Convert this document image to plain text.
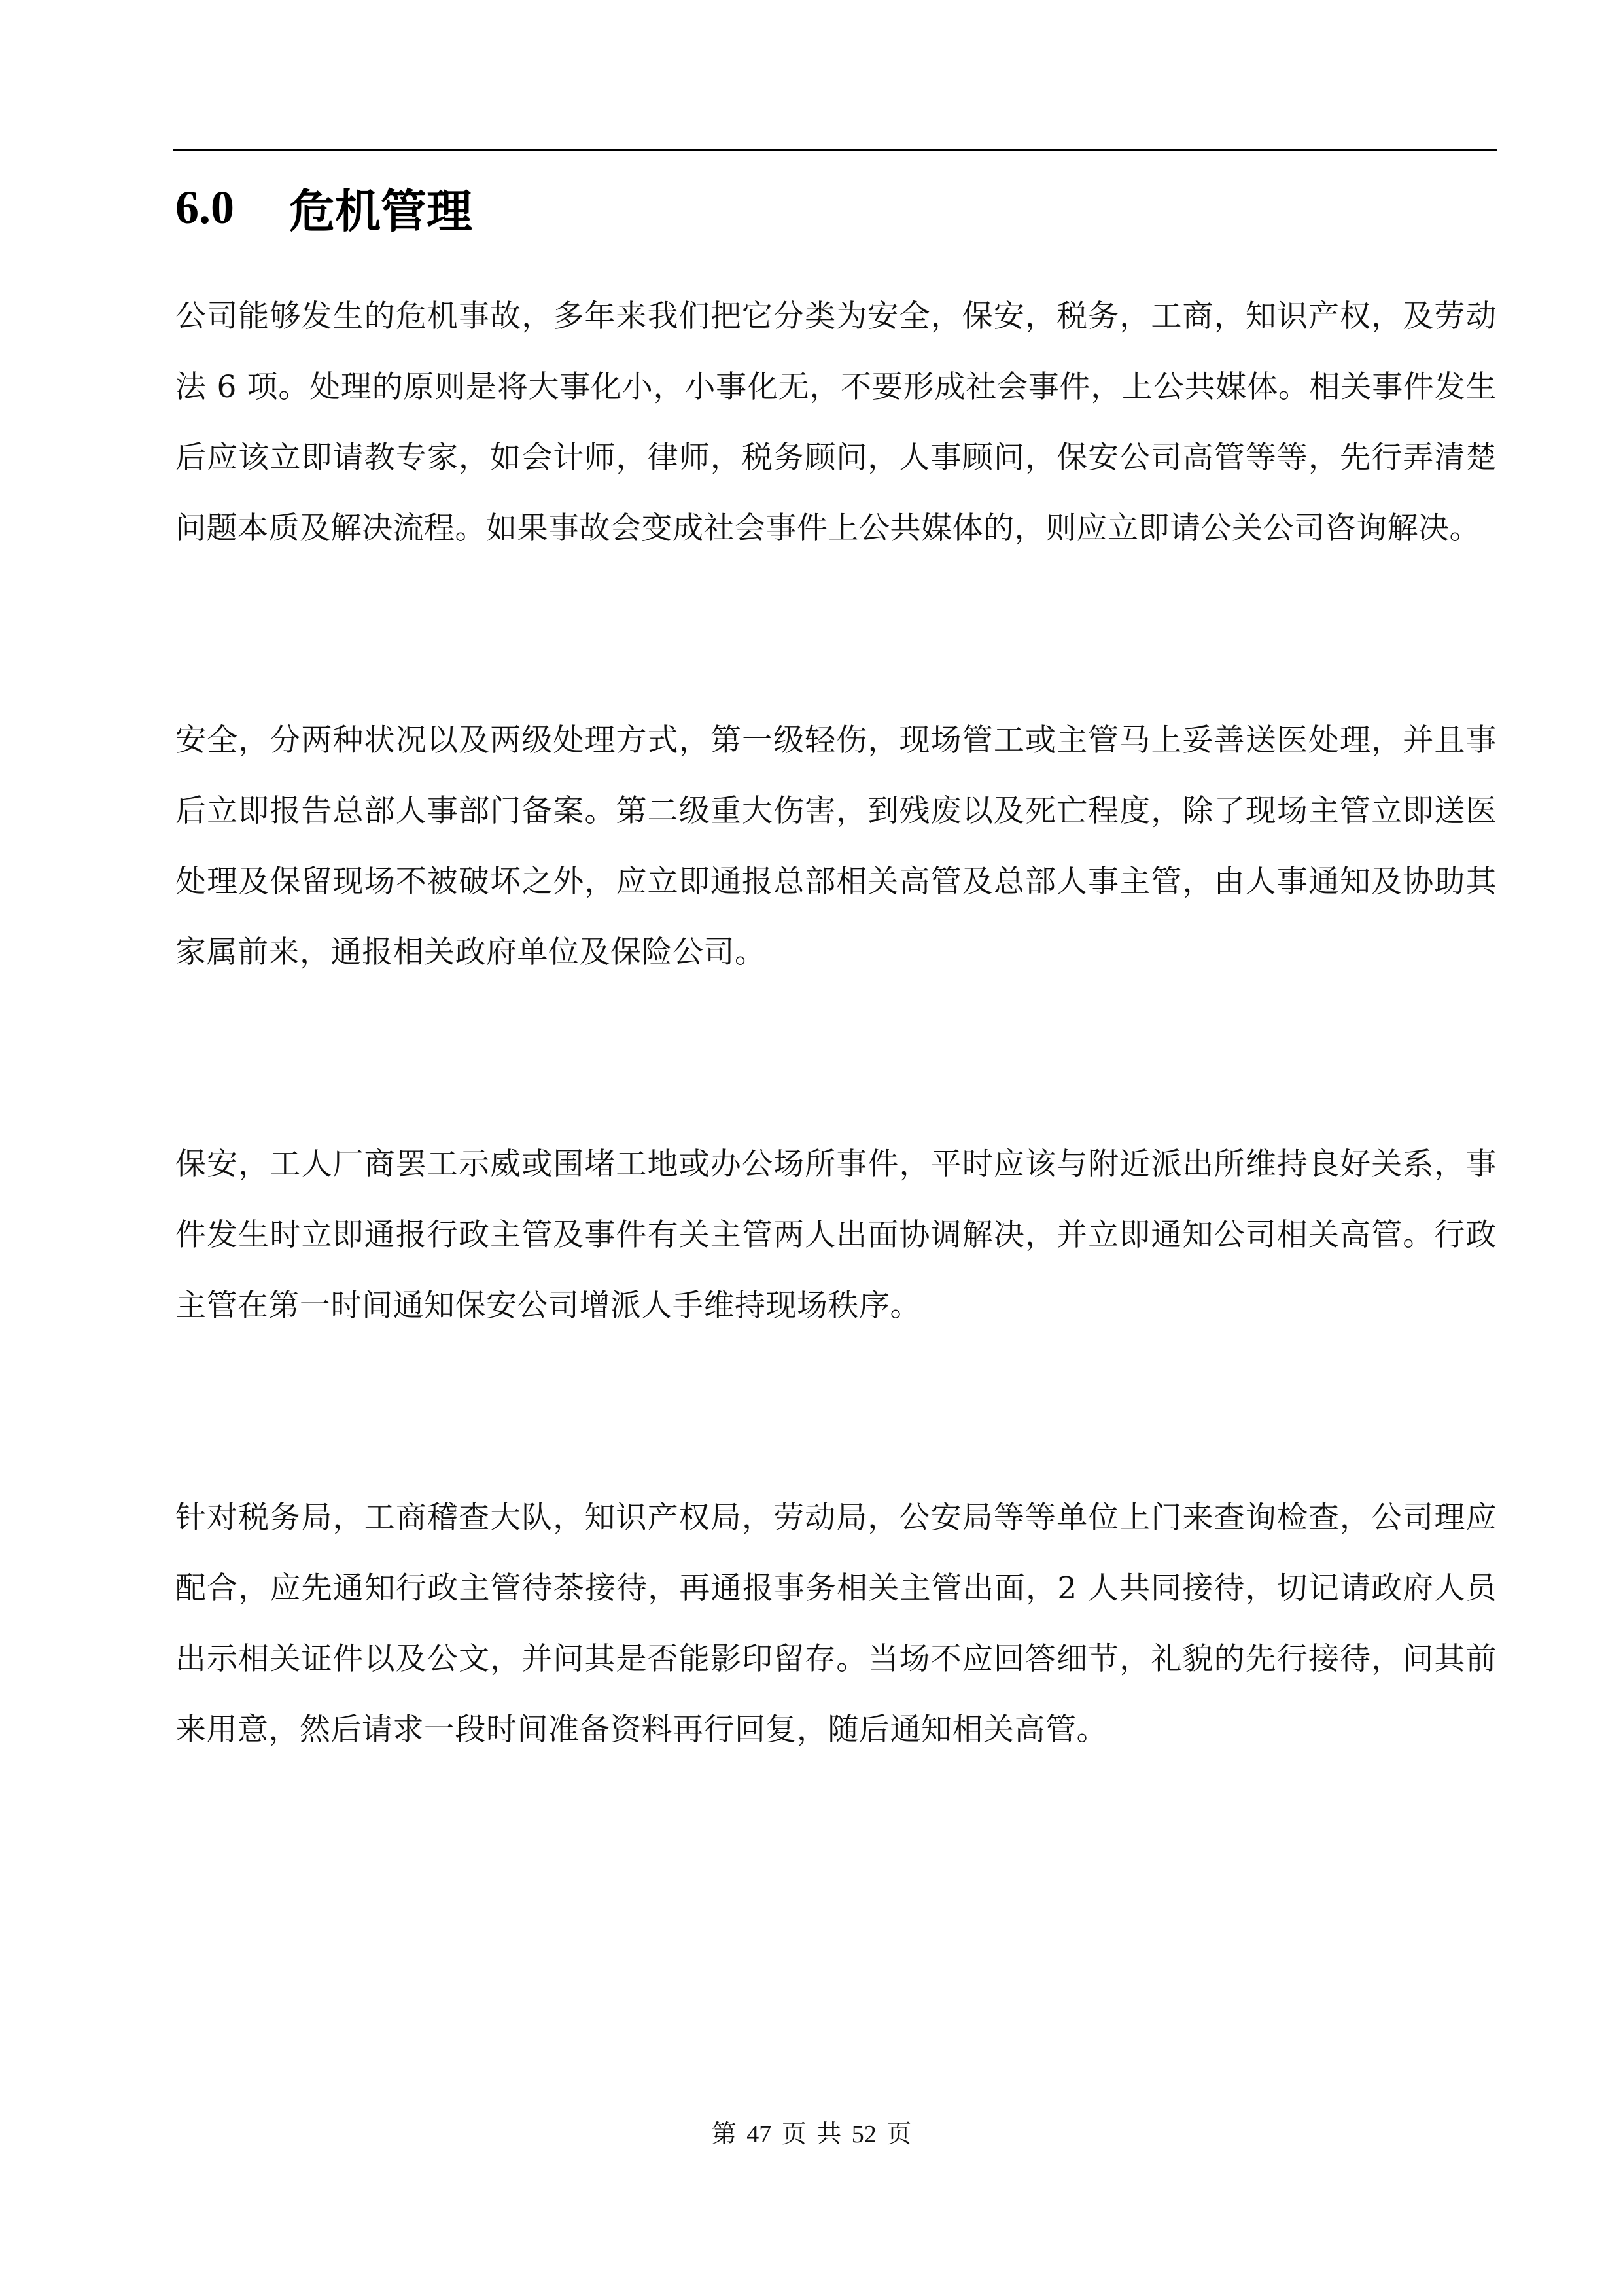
6.0	危机管理

公司能够发生的危机事故，多年来我们把它分类为安全，保安，税务，工商，知识产权，及劳动法 6 项。处理的原则是将大事化小，小事化无，不要形成社会事件，上公共媒体。相关事件发生后应该立即请教专家，如会计师，律师，税务顾问，人事顾问，保安公司高管等等，先行弄清楚问题本质及解决流程。如果事故会变成社会事件上公共媒体的，则应立即请公关公司咨询解决。

安全，分两种状况以及两级处理方式，第一级轻伤，现场管工或主管马上妥善送医处理，并且事后立即报告总部人事部门备案。第二级重大伤害，到残废以及死亡程度，除了现场主管立即送医处理及保留现场不被破坏之外，应立即通报总部相关高管及总部人事主管，由人事通知及协助其家属前来，通报相关政府单位及保险公司。

保安，工人厂商罢工示威或围堵工地或办公场所事件，平时应该与附近派出所维持良好关系，事件发生时立即通报行政主管及事件有关主管两人出面协调解决，并立即通知公司相关高管。行政主管在第一时间通知保安公司增派人手维持现场秩序。

针对税务局，工商稽查大队，知识产权局，劳动局，公安局等等单位上门来查询检查，公司理应配合，应先通知行政主管待茶接待，再通报事务相关主管出面，2 人共同接待，切记请政府人员出示相关证件以及公文，并问其是否能影印留存。当场不应回答细节，礼貌的先行接待，问其前来用意，然后请求一段时间准备资料再行回复，随后通知相关高管。

第 47 页 共 52 页
